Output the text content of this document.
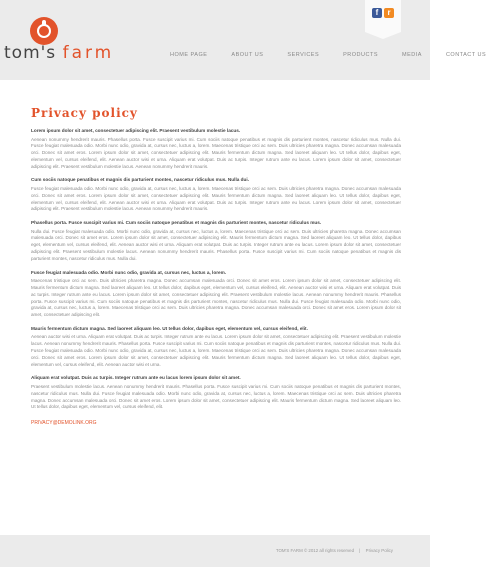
tom's farm
f	r
HOME PAGE	ABOUT US	SERVICES	PRODUCTS	MEDIA	CONTACT US
Privacy policy
Lorem ipsum dolor sit amet, consectetuer adipiscing elit. Praesent vestibulum molestie lacus.
Aenean nonummy hendrerit mauris. Phasellus porta. Fusce suscipit varius mi. Cum sociis natoque penatibus et magnis dis parturient montes, nascetur ridiculus mus. Nulla dui. Fusce feugiat malesuada odio. Morbi nunc odio, gravida at, cursus nec, luctus a, lorem. Maecenas tristique orci ac sem. Duis ultricies pharetra magna. Donec accumsan malesuada orci. Donec sit amet eros. Lorem ipsum dolor sit amet, consectetuer adipiscing elit. Mauris fermentum dictum magna. Sed laoreet aliquam leo. Ut tellus dolor, dapibus eget, elementum vel, cursus eleifend, elit. Aenean auctor wisi et urna. Aliquam erat volutpat. Duis ac turpis. Integer rutrum ante eu lacus. Lorem ipsum dolor sit amet, consectetuer adipiscing elit. Praesent vestibulum molestie lacus. Aenean nonummy hendrerit mauris.
Cum sociis natoque penatibus et magnis dis parturient montes, nascetur ridiculus mus. Nulla dui.
Fusce feugiat malesuada odio. Morbi nunc odio, gravida at, cursus nec, luctus a, lorem. Maecenas tristique orci ac sem. Duis ultricies pharetra magna. Donec accumsan malesuada orci. Donec sit amet eros. Lorem ipsum dolor sit amet, consectetuer adipiscing elit. Mauris fermentum dictum magna. Sed laoreet aliquam leo. Ut tellus dolor, dapibus eget, elementum vel, cursus eleifend, elit. Aenean auctor wisi et urna. Aliquam erat volutpat. Duis ac turpis. Integer rutrum ante eu lacus. Lorem ipsum dolor sit amet, consectetuer adipiscing elit. Praesent vestibulum molestie lacus. Aenean nonummy hendrerit mauris.
Phasellus porta. Fusce suscipit varius mi. Cum sociis natoque penatibus et magnis dis parturient montes, nascetur ridiculus mus.
Nulla dui. Fusce feugiat malesuada odio. Morbi nunc odio, gravida at, cursus nec, luctus a, lorem. Maecenas tristique orci ac sem. Duis ultricies pharetra magna. Donec accumsan malesuada orci. Donec sit amet eros. Lorem ipsum dolor sit amet, consectetuer adipiscing elit. Mauris fermentum dictum magna. Sed laoreet aliquam leo. Ut tellus dolor, dapibus eget, elementum vel, cursus eleifend, elit. Aenean auctor wisi et urna. Aliquam erat volutpat. Duis ac turpis. Integer rutrum ante eu lacus. Lorem ipsum dolor sit amet, consectetuer adipiscing elit. Praesent vestibulum molestie lacus. Aenean nonummy hendrerit mauris. Phasellus porta. Fusce suscipit varius mi. Cum sociis natoque penatibus et magnis dis parturient montes, nascetur ridiculus mus. Nulla dui.
Fusce feugiat malesuada odio. Morbi nunc odio, gravida at, cursus nec, luctus a, lorem.
Maecenas tristique orci ac sem. Duis ultricies pharetra magna. Donec accumsan malesuada orci. Donec sit amet eros. Lorem ipsum dolor sit amet, consectetuer adipiscing elit. Mauris fermentum dictum magna. Sed laoreet aliquam leo. Ut tellus dolor, dapibus eget, elementum vel, cursus eleifend, elit. Aenean auctor wisi et urna. Aliquam erat volutpat. Duis ac turpis. Integer rutrum ante eu lacus. Lorem ipsum dolor sit amet, consectetuer adipiscing elit. Praesent vestibulum molestie lacus. Aenean nonummy hendrerit mauris. Phasellus porta. Fusce suscipit varius mi. Cum sociis natoque penatibus et magnis dis parturient montes, nascetur ridiculus mus. Nulla dui. Fusce feugiat malesuada odio. Morbi nunc odio, gravida at, cursus nec, luctus a, lorem. Maecenas tristique orci ac sem. Duis ultricies pharetra magna. Donec accumsan malesuada orci. Donec sit amet eros. Lorem ipsum dolor sit amet, consectetuer adipiscing elit.
Mauris fermentum dictum magna. Sed laoreet aliquam leo. Ut tellus dolor, dapibus eget, elementum vel, cursus eleifend, elit.
Aenean auctor wisi et urna. Aliquam erat volutpat. Duis ac turpis. Integer rutrum ante eu lacus. Lorem ipsum dolor sit amet, consectetuer adipiscing elit. Praesent vestibulum molestie lacus. Aenean nonummy hendrerit mauris. Phasellus porta. Fusce suscipit varius mi. Cum sociis natoque penatibus et magnis dis parturient montes, nascetur ridiculus mus. Nulla dui. Fusce feugiat malesuada odio. Morbi nunc odio, gravida at, cursus nec, luctus a, lorem. Maecenas tristique orci ac sem. Duis ultricies pharetra magna. Donec accumsan malesuada orci. Donec sit amet eros. Lorem ipsum dolor sit amet, consectetuer adipiscing elit. Mauris fermentum dictum magna. Sed laoreet aliquam leo. Ut tellus dolor, dapibus eget, elementum vel, cursus eleifend, elit. Aenean auctor wisi et urna.
Aliquam erat volutpat. Duis ac turpis. Integer rutrum ante eu lacus lorem ipsum dolor sit amet.
Praesent vestibulum molestie lacus. Aenean nonummy hendrerit mauris. Phasellus porta. Fusce suscipit varius mi. Cum sociis natoque penatibus et magnis dis parturient montes, nascetur ridiculus mus. Nulla dui. Fusce feugiat malesuada odio. Morbi nunc odio, gravida at, cursus nec, luctus a, lorem. Maecenas tristique orci ac sem. Duis ultricies pharetra magna. Donec accumsan malesuada orci. Donec sit amet eros. Lorem ipsum dolor sit amet, consectetuer adipiscing elit. Mauris fermentum dictum magna. Sed laoreet aliquam leo. Ut tellus dolor, dapibus eget, elementum vel, cursus eleifend, elit.
PRIVACY@DEMOLINK.ORG
TOM'S FARM © 2012 all rights reserved | Privacy Policy
